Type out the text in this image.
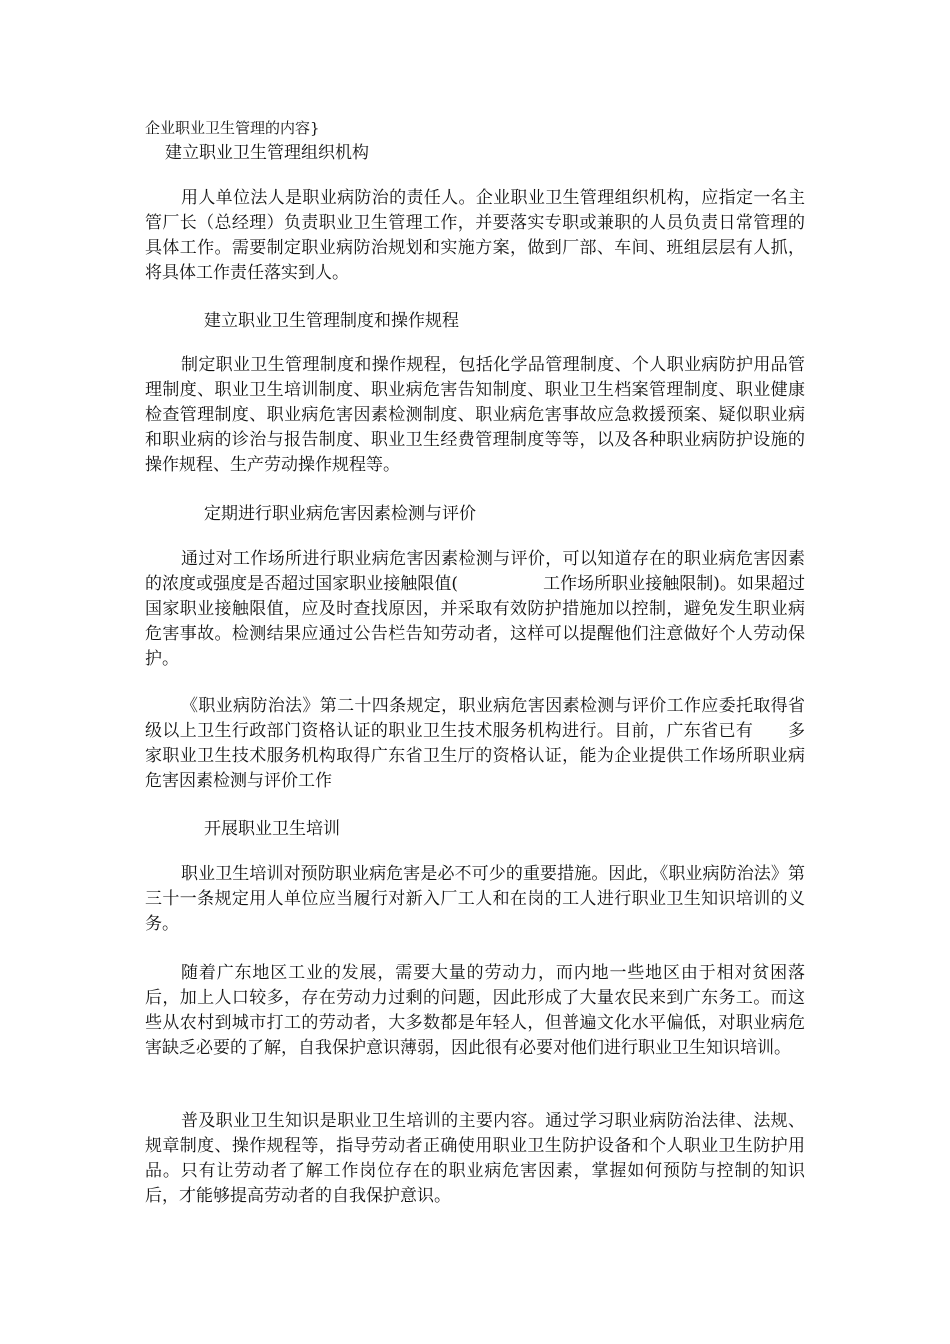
企业职业卫生管理的内容}
建立职业卫生管理组织机构

用人单位法人是职业病防治的责任人。企业职业卫生管理组织机构，应指定一名主管厂长（总经理）负责职业卫生管理工作，并要落实专职或兼职的人员负责日常管理的具体工作。需要制定职业病防治规划和实施方案，做到厂部、车间、班组层层有人抓，将具体工作责任落实到人。

建立职业卫生管理制度和操作规程

制定职业卫生管理制度和操作规程，包括化学品管理制度、个人职业病防护用品管理制度、职业卫生培训制度、职业病危害告知制度、职业卫生档案管理制度、职业健康检查管理制度、职业病危害因素检测制度、职业病危害事故应急救援预案、疑似职业病和职业病的诊治与报告制度、职业卫生经费管理制度等等，以及各种职业病防护设施的操作规程、生产劳动操作规程等。

定期进行职业病危害因素检测与评价

通过对工作场所进行职业病危害因素检测与评价，可以知道存在的职业病危害因素的浓度或强度是否超过国家职业接触限值(　　　　　工作场所职业接触限制)。如果超过国家职业接触限值，应及时查找原因，并采取有效防护措施加以控制，避免发生职业病危害事故。检测结果应通过公告栏告知劳动者，这样可以提醒他们注意做好个人劳动保护。

《职业病防治法》第二十四条规定，职业病危害因素检测与评价工作应委托取得省级以上卫生行政部门资格认证的职业卫生技术服务机构进行。目前，广东省已有　　多家职业卫生技术服务机构取得广东省卫生厅的资格认证，能为企业提供工作场所职业病危害因素检测与评价工作

开展职业卫生培训

职业卫生培训对预防职业病危害是必不可少的重要措施。因此，《职业病防治法》第三十一条规定用人单位应当履行对新入厂工人和在岗的工人进行职业卫生知识培训的义务。

随着广东地区工业的发展，需要大量的劳动力，而内地一些地区由于相对贫困落后，加上人口较多，存在劳动力过剩的问题，因此形成了大量农民来到广东务工。而这些从农村到城市打工的劳动者，大多数都是年轻人，但普遍文化水平偏低，对职业病危害缺乏必要的了解，自我保护意识薄弱，因此很有必要对他们进行职业卫生知识培训。

普及职业卫生知识是职业卫生培训的主要内容。通过学习职业病防治法律、法规、规章制度、操作规程等，指导劳动者正确使用职业卫生防护设备和个人职业卫生防护用品。只有让劳动者了解工作岗位存在的职业病危害因素，掌握如何预防与控制的知识后，才能够提高劳动者的自我保护意识。
